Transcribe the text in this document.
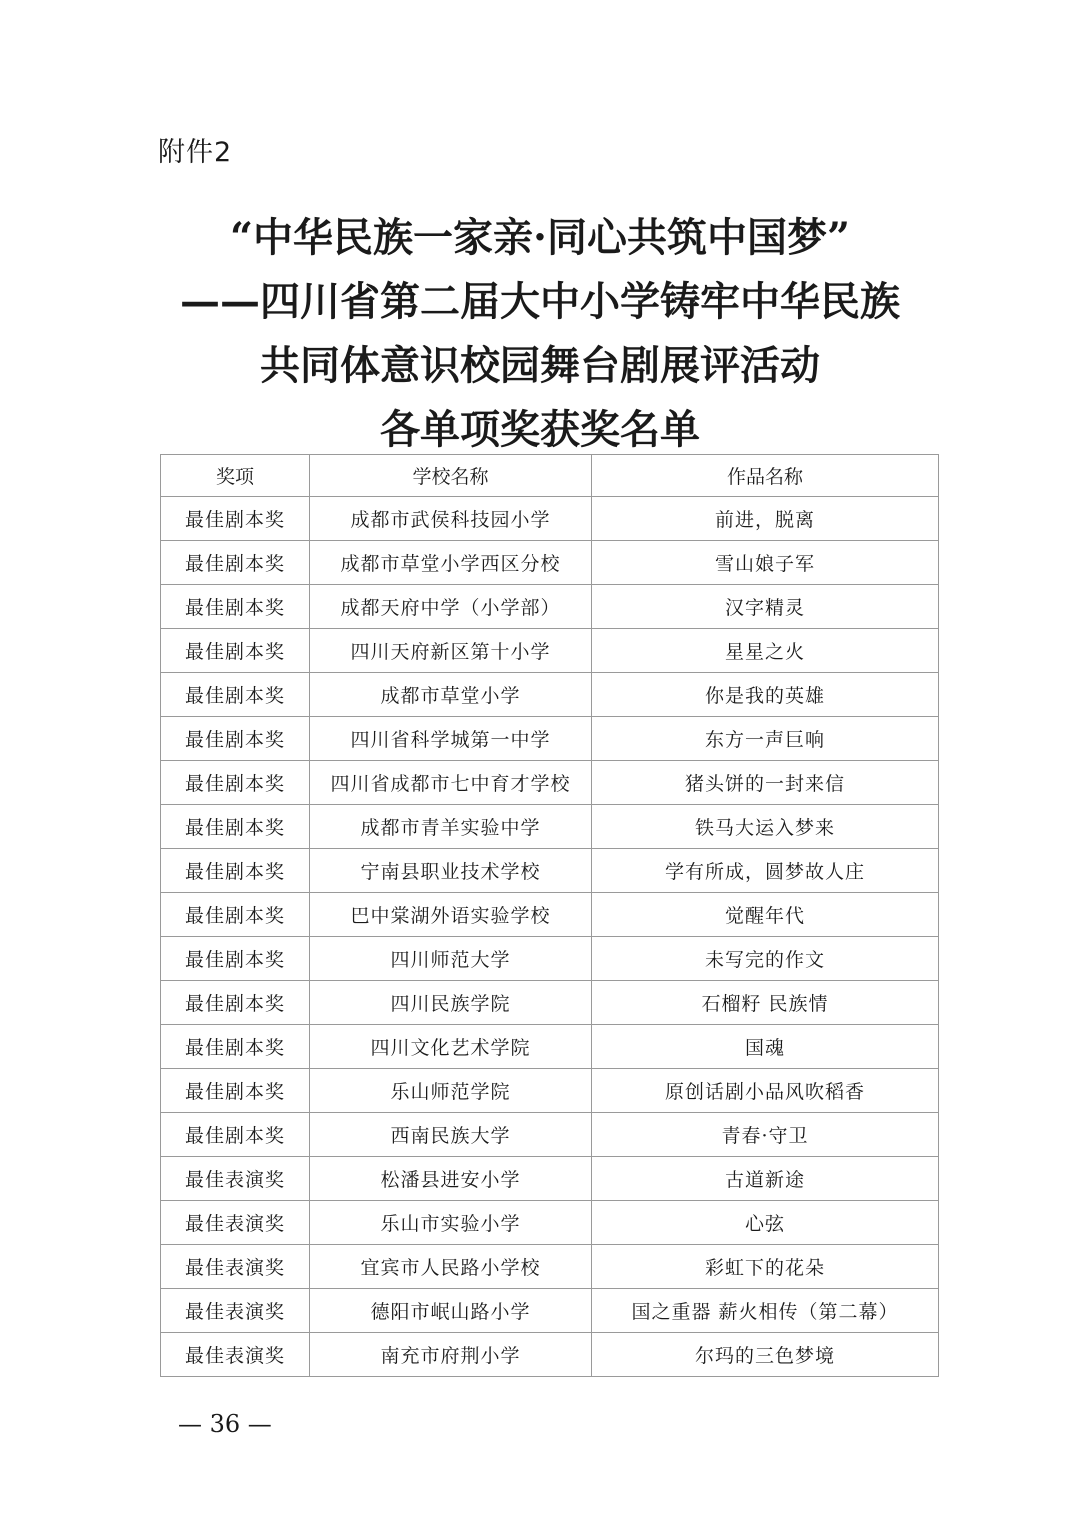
附件2
“中华民族一家亲·同心共筑中国梦”
——四川省第二届大中小学铸牢中华民族
共同体意识校园舞台剧展评活动
各单项奖获奖名单
奖项	学校名称	作品名称
最佳剧本奖	成都市武侯科技园小学	前进，脱离
最佳剧本奖	成都市草堂小学西区分校	雪山娘子军
最佳剧本奖	成都天府中学（小学部）	汉字精灵
最佳剧本奖	四川天府新区第十小学	星星之火
最佳剧本奖	成都市草堂小学	你是我的英雄
最佳剧本奖	四川省科学城第一中学	东方一声巨响
最佳剧本奖	四川省成都市七中育才学校	猪头饼的一封来信
最佳剧本奖	成都市青羊实验中学	铁马大运入梦来
最佳剧本奖	宁南县职业技术学校	学有所成，圆梦故人庄
最佳剧本奖	巴中棠湖外语实验学校	觉醒年代
最佳剧本奖	四川师范大学	未写完的作文
最佳剧本奖	四川民族学院	石榴籽 民族情
最佳剧本奖	四川文化艺术学院	国魂
最佳剧本奖	乐山师范学院	原创话剧小品风吹稻香
最佳剧本奖	西南民族大学	青春·守卫
最佳表演奖	松潘县进安小学	古道新途
最佳表演奖	乐山市实验小学	心弦
最佳表演奖	宜宾市人民路小学校	彩虹下的花朵
最佳表演奖	德阳市岷山路小学	国之重器 薪火相传（第二幕）
最佳表演奖	南充市府荆小学	尔玛的三色梦境
— 36 —
